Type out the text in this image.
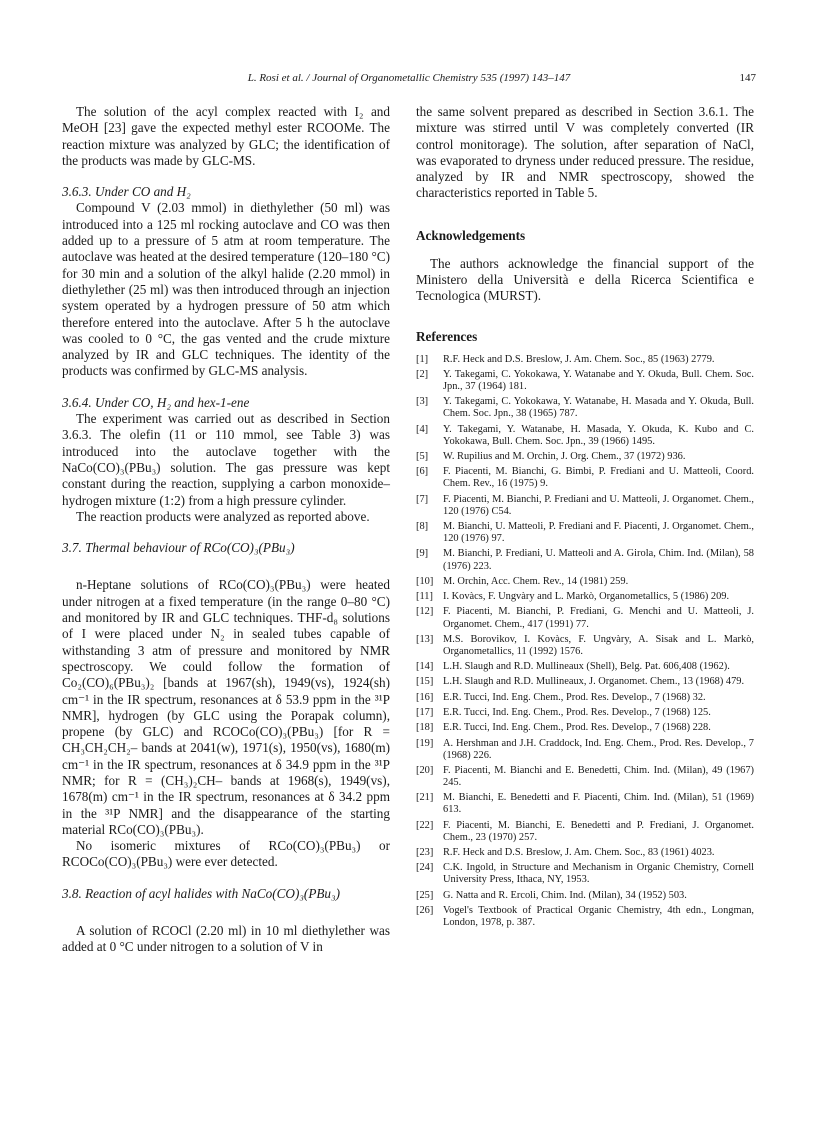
L. Rosi et al. / Journal of Organometallic Chemistry 535 (1997) 143–147	147

The solution of the acyl complex reacted with I₂ and MeOH [23] gave the expected methyl ester RCOOMe. The reaction mixture was analyzed by GLC; the identification of the products was made by GLC-MS.

3.6.3. Under CO and H₂

Compound V (2.03 mmol) in diethylether (50 ml) was introduced into a 125 ml rocking autoclave and CO was then added up to a pressure of 5 atm at room temperature. The autoclave was heated at the desired temperature (120–180 °C) for 30 min and a solution of the alkyl halide (2.20 mmol) in diethylether (25 ml) was then introduced through an injection system operated by a hydrogen pressure of 50 atm which therefore entered into the autoclave. After 5 h the autoclave was cooled to 0 °C, the gas vented and the crude mixture analyzed by IR and GLC techniques. The identity of the products was confirmed by GLC-MS analysis.

3.6.4. Under CO, H₂ and hex-1-ene

The experiment was carried out as described in Section 3.6.3. The olefin (11 or 110 mmol, see Table 3) was introduced into the autoclave together with the NaCo(CO)₃(PBu₃) solution. The gas pressure was kept constant during the reaction, supplying a carbon monoxide–hydrogen mixture (1:2) from a high pressure cylinder.

The reaction products were analyzed as reported above.

3.7. Thermal behaviour of RCo(CO)₃(PBu₃)

n-Heptane solutions of RCo(CO)₃(PBu₃) were heated under nitrogen at a fixed temperature (in the range 0–80 °C) and monitored by IR and GLC techniques. THF-d₈ solutions of I were placed under N₂ in sealed tubes capable of withstanding 3 atm of pressure and monitored by NMR spectroscopy. We could follow the formation of Co₂(CO)₆(PBu₃)₂ [bands at 1967(sh), 1949(vs), 1924(sh) cm⁻¹ in the IR spectrum, resonances at δ 53.9 ppm in the ³¹P NMR], hydrogen (by GLC using the Porapak column), propene (by GLC) and RCOCo(CO)₃(PBu₃) [for R = CH₃CH₂CH₂– bands at 2041(w), 1971(s), 1950(vs), 1680(m) cm⁻¹ in the IR spectrum, resonances at δ 34.9 ppm in the ³¹P NMR; for R = (CH₃)₂CH– bands at 1968(s), 1949(vs), 1678(m) cm⁻¹ in the IR spectrum, resonances at δ 34.2 ppm in the ³¹P NMR] and the disappearance of the starting material RCo(CO)₃(PBu₃).

No isomeric mixtures of RCo(CO)₃(PBu₃) or RCOCo(CO)₃(PBu₃) were ever detected.

3.8. Reaction of acyl halides with NaCo(CO)₃(PBu₃)

A solution of RCOCl (2.20 ml) in 10 ml diethylether was added at 0 °C under nitrogen to a solution of V in

the same solvent prepared as described in Section 3.6.1. The mixture was stirred until V was completely converted (IR control monitorage). The solution, after separation of NaCl, was evaporated to dryness under reduced pressure. The residue, analyzed by IR and NMR spectroscopy, showed the characteristics reported in Table 5.

Acknowledgements

The authors acknowledge the financial support of the Ministero della Università e della Ricerca Scientifica e Tecnologica (MURST).

References
[1] R.F. Heck and D.S. Breslow, J. Am. Chem. Soc., 85 (1963) 2779.
[2] Y. Takegami, C. Yokokawa, Y. Watanabe and Y. Okuda, Bull. Chem. Soc. Jpn., 37 (1964) 181.
[3] Y. Takegami, C. Yokokawa, Y. Watanabe, H. Masada and Y. Okuda, Bull. Chem. Soc. Jpn., 38 (1965) 787.
[4] Y. Takegami, Y. Watanabe, H. Masada, Y. Okuda, K. Kubo and C. Yokokawa, Bull. Chem. Soc. Jpn., 39 (1966) 1495.
[5] W. Rupilius and M. Orchin, J. Org. Chem., 37 (1972) 936.
[6] F. Piacenti, M. Bianchi, G. Bimbi, P. Frediani and U. Matteoli, Coord. Chem. Rev., 16 (1975) 9.
[7] F. Piacenti, M. Bianchi, P. Frediani and U. Matteoli, J. Organomet. Chem., 120 (1976) C54.
[8] M. Bianchi, U. Matteoli, P. Frediani and F. Piacenti, J. Organomet. Chem., 120 (1976) 97.
[9] M. Bianchi, P. Frediani, U. Matteoli and A. Girola, Chim. Ind. (Milan), 58 (1976) 223.
[10] M. Orchin, Acc. Chem. Rev., 14 (1981) 259.
[11] I. Kovàcs, F. Ungvàry and L. Markò, Organometallics, 5 (1986) 209.
[12] F. Piacenti, M. Bianchi, P. Frediani, G. Menchi and U. Matteoli, J. Organomet. Chem., 417 (1991) 77.
[13] M.S. Borovikov, I. Kovàcs, F. Ungvàry, A. Sisak and L. Markò, Organometallics, 11 (1992) 1576.
[14] L.H. Slaugh and R.D. Mullineaux (Shell), Belg. Pat. 606,408 (1962).
[15] L.H. Slaugh and R.D. Mullineaux, J. Organomet. Chem., 13 (1968) 479.
[16] E.R. Tucci, Ind. Eng. Chem., Prod. Res. Develop., 7 (1968) 32.
[17] E.R. Tucci, Ind. Eng. Chem., Prod. Res. Develop., 7 (1968) 125.
[18] E.R. Tucci, Ind. Eng. Chem., Prod. Res. Develop., 7 (1968) 228.
[19] A. Hershman and J.H. Craddock, Ind. Eng. Chem., Prod. Res. Develop., 7 (1968) 226.
[20] F. Piacenti, M. Bianchi and E. Benedetti, Chim. Ind. (Milan), 49 (1967) 245.
[21] M. Bianchi, E. Benedetti and F. Piacenti, Chim. Ind. (Milan), 51 (1969) 613.
[22] F. Piacenti, M. Bianchi, E. Benedetti and P. Frediani, J. Organomet. Chem., 23 (1970) 257.
[23] R.F. Heck and D.S. Breslow, J. Am. Chem. Soc., 83 (1961) 4023.
[24] C.K. Ingold, in Structure and Mechanism in Organic Chemistry, Cornell University Press, Ithaca, NY, 1953.
[25] G. Natta and R. Ercoli, Chim. Ind. (Milan), 34 (1952) 503.
[26] Vogel's Textbook of Practical Organic Chemistry, 4th edn., Longman, London, 1978, p. 387.
